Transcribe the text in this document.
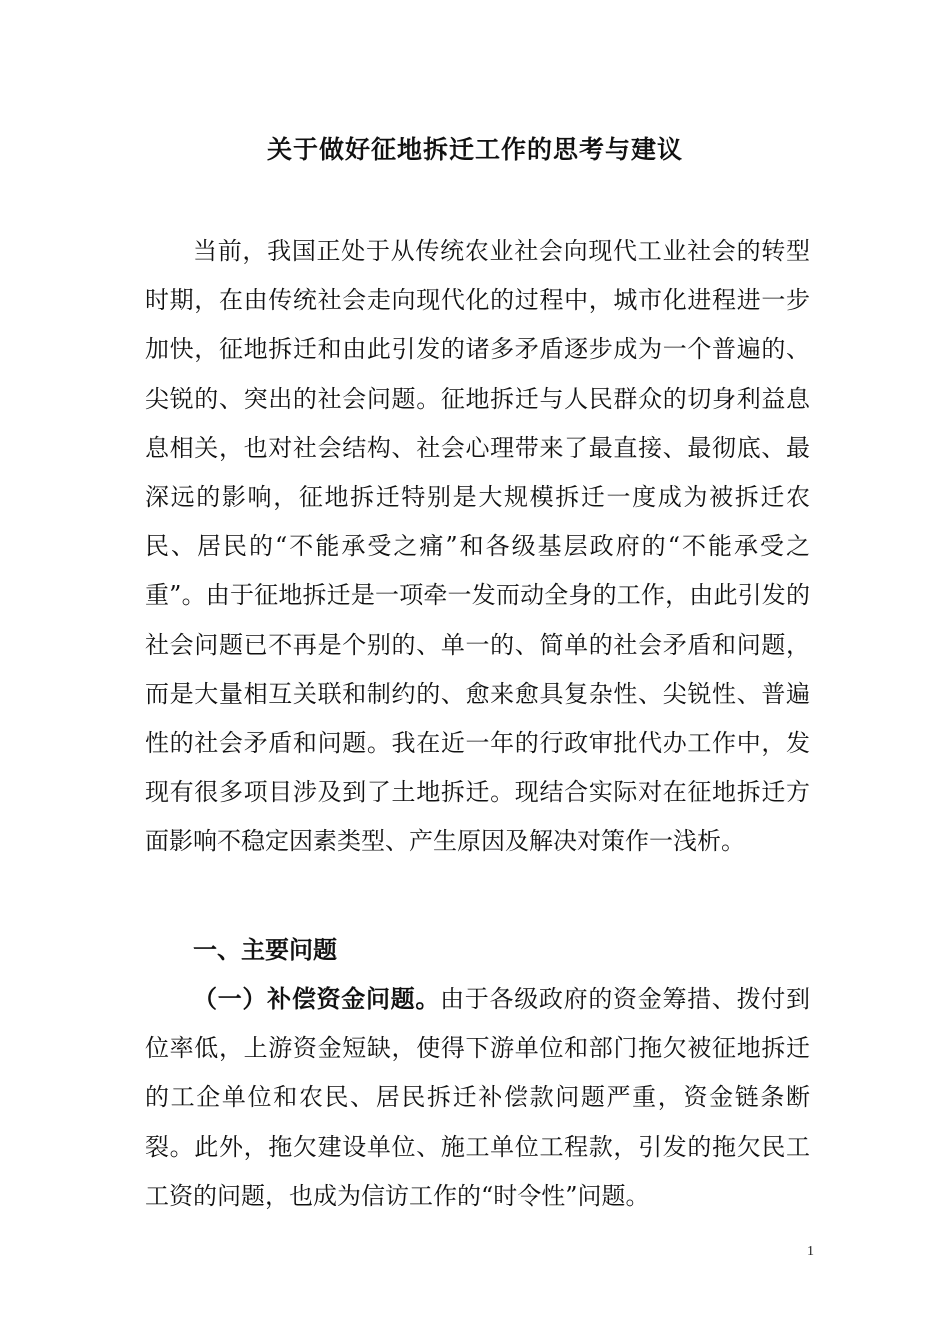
关于做好征地拆迁工作的思考与建议

当前，我国正处于从传统农业社会向现代工业社会的转型时期，在由传统社会走向现代化的过程中，城市化进程进一步加快，征地拆迁和由此引发的诸多矛盾逐步成为一个普遍的、尖锐的、突出的社会问题。征地拆迁与人民群众的切身利益息息相关，也对社会结构、社会心理带来了最直接、最彻底、最深远的影响，征地拆迁特别是大规模拆迁一度成为被拆迁农民、居民的“不能承受之痛”和各级基层政府的“不能承受之重”。由于征地拆迁是一项牵一发而动全身的工作，由此引发的社会问题已不再是个别的、单一的、简单的社会矛盾和问题，而是大量相互关联和制约的、愈来愈具复杂性、尖锐性、普遍性的社会矛盾和问题。我在近一年的行政审批代办工作中，发现有很多项目涉及到了土地拆迁。现结合实际对在征地拆迁方面影响不稳定因素类型、产生原因及解决对策作一浅析。

一、主要问题

（一）补偿资金问题。由于各级政府的资金筹措、拨付到位率低，上游资金短缺，使得下游单位和部门拖欠被征地拆迁的工企单位和农民、居民拆迁补偿款问题严重，资金链条断裂。此外，拖欠建设单位、施工单位工程款，引发的拖欠民工工资的问题，也成为信访工作的“时令性”问题。

1
